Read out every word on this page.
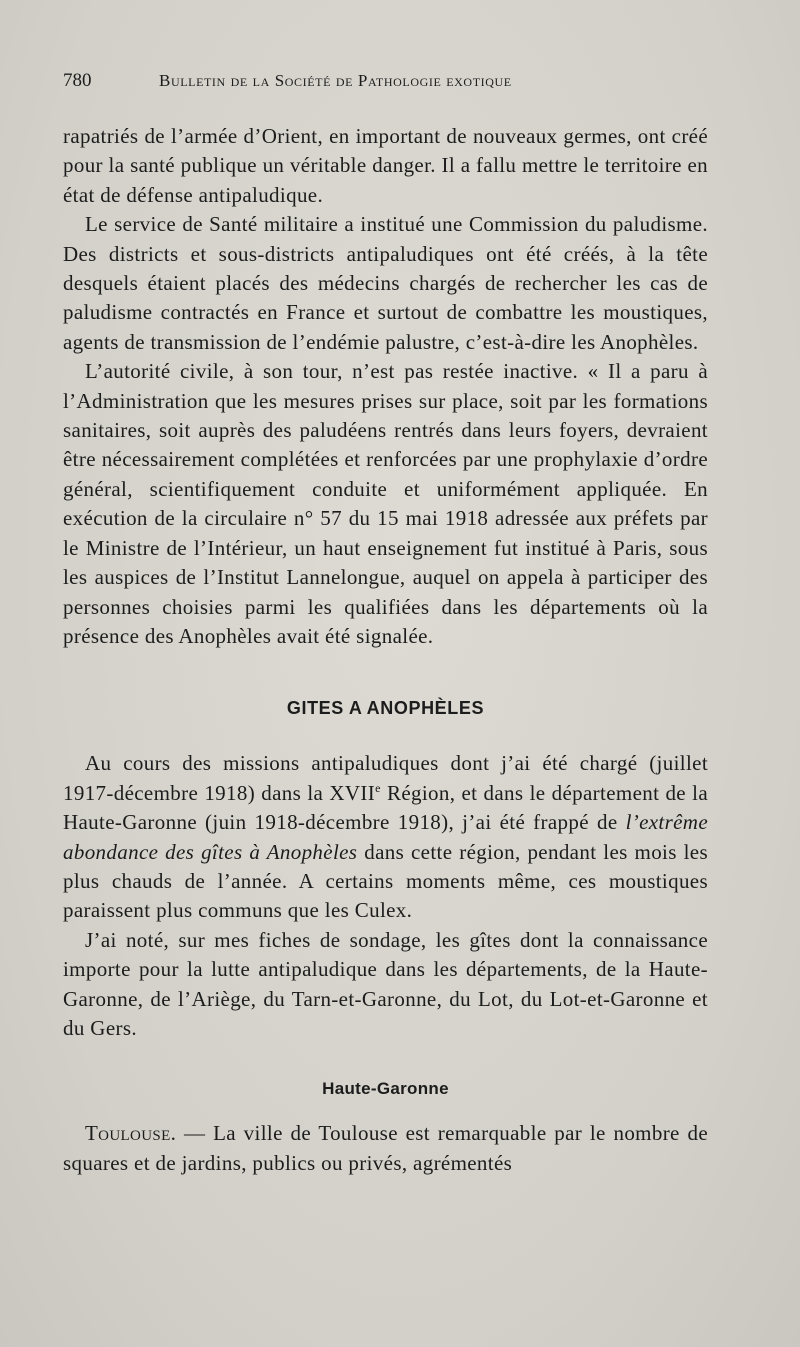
780	Bulletin de la Société de Pathologie exotique

rapatriés de l’armée d’Orient, en important de nouveaux germes, ont créé pour la santé publique un véritable danger. Il a fallu mettre le territoire en état de défense antipaludique.

Le service de Santé militaire a institué une Commission du paludisme. Des districts et sous-districts antipaludiques ont été créés, à la tête desquels étaient placés des médecins chargés de rechercher les cas de paludisme contractés en France et surtout de combattre les moustiques, agents de transmission de l’endémie palustre, c’est-à-dire les Anophèles.

L’autorité civile, à son tour, n’est pas restée inactive. « Il a paru à l’Administration que les mesures prises sur place, soit par les formations sanitaires, soit auprès des paludéens rentrés dans leurs foyers, devraient être nécessairement complétées et renforcées par une prophylaxie d’ordre général, scientifiquement conduite et uniformément appliquée. En exécution de la circulaire n° 57 du 15 mai 1918 adressée aux préfets par le Ministre de l’Intérieur, un haut enseignement fut institué à Paris, sous les auspices de l’Institut Lannelongue, auquel on appela à participer des personnes choisies parmi les qualifiées dans les départements où la présence des Anophèles avait été signalée.

GITES A ANOPHÈLES

Au cours des missions antipaludiques dont j’ai été chargé (juillet 1917-décembre 1918) dans la XVIIe Région, et dans le département de la Haute-Garonne (juin 1918-décembre 1918), j’ai été frappé de l’extrême abondance des gîtes à Anophèles dans cette région, pendant les mois les plus chauds de l’année. A certains moments même, ces moustiques paraissent plus communs que les Culex.

J’ai noté, sur mes fiches de sondage, les gîtes dont la connaissance importe pour la lutte antipaludique dans les départements, de la Haute-Garonne, de l’Ariège, du Tarn-et-Garonne, du Lot, du Lot-et-Garonne et du Gers.

Haute-Garonne

Toulouse. — La ville de Toulouse est remarquable par le nombre de squares et de jardins, publics ou privés, agrémentés
